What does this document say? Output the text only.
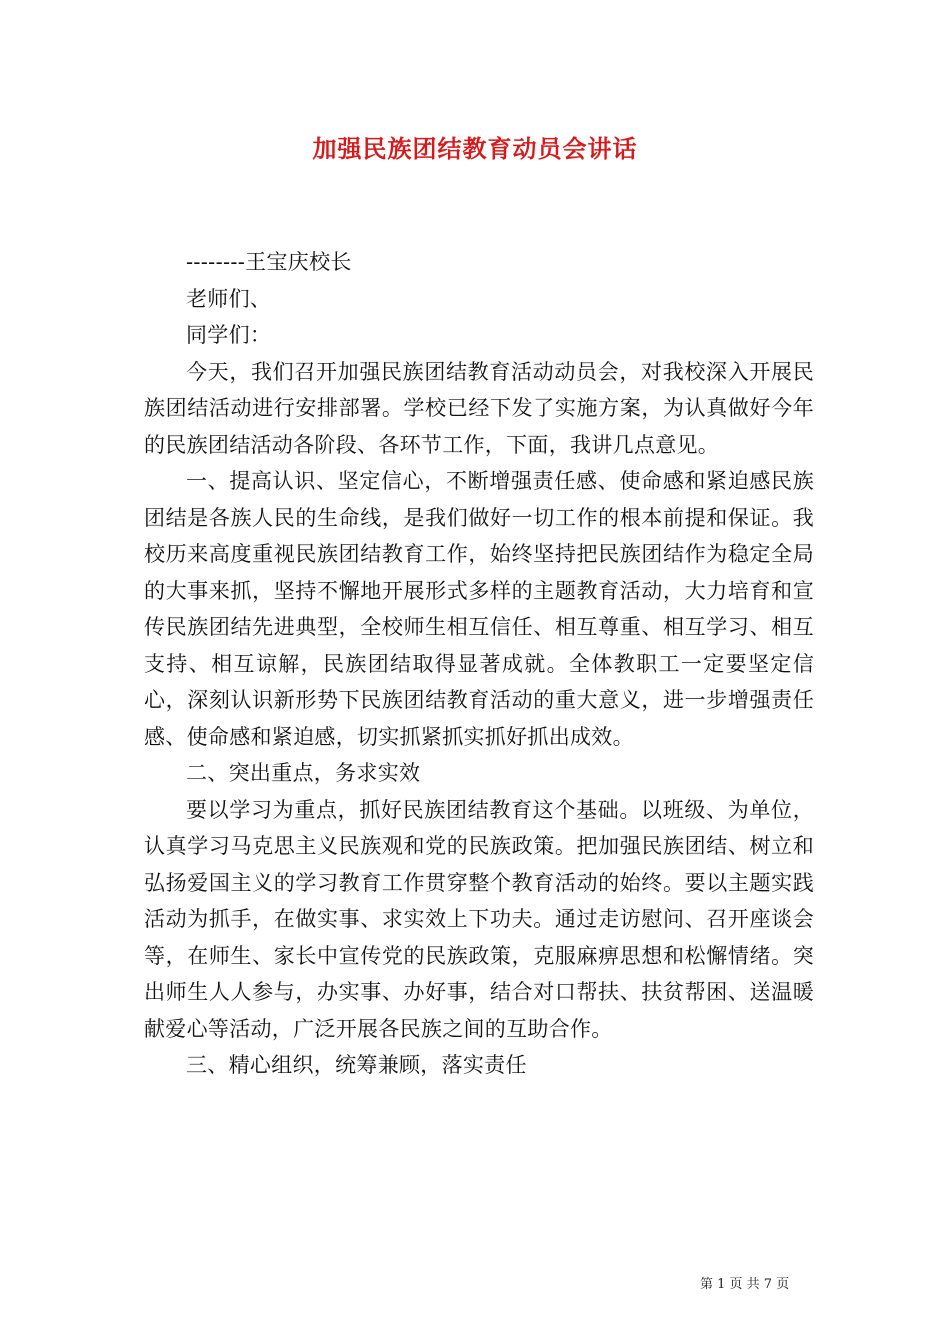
加强民族团结教育动员会讲话

--------王宝庆校长

老师们、

同学们：

今天，我们召开加强民族团结教育活动动员会，对我校深入开展民族团结活动进行安排部署。学校已经下发了实施方案，为认真做好今年的民族团结活动各阶段、各环节工作，下面，我讲几点意见。

一、提高认识、坚定信心，不断增强责任感、使命感和紧迫感民族团结是各族人民的生命线，是我们做好一切工作的根本前提和保证。我校历来高度重视民族团结教育工作，始终坚持把民族团结作为稳定全局的大事来抓，坚持不懈地开展形式多样的主题教育活动，大力培育和宣传民族团结先进典型，全校师生相互信任、相互尊重、相互学习、相互支持、相互谅解，民族团结取得显著成就。全体教职工一定要坚定信心，深刻认识新形势下民族团结教育活动的重大意义，进一步增强责任感、使命感和紧迫感，切实抓紧抓实抓好抓出成效。

二、突出重点，务求实效

要以学习为重点，抓好民族团结教育这个基础。以班级、为单位，认真学习马克思主义民族观和党的民族政策。把加强民族团结、树立和弘扬爱国主义的学习教育工作贯穿整个教育活动的始终。要以主题实践活动为抓手，在做实事、求实效上下功夫。通过走访慰问、召开座谈会等，在师生、家长中宣传党的民族政策，克服麻痹思想和松懈情绪。突出师生人人参与，办实事、办好事，结合对口帮扶、扶贫帮困、送温暖献爱心等活动，广泛开展各民族之间的互助合作。

三、精心组织，统筹兼顾，落实责任

第 1 页 共 7 页
